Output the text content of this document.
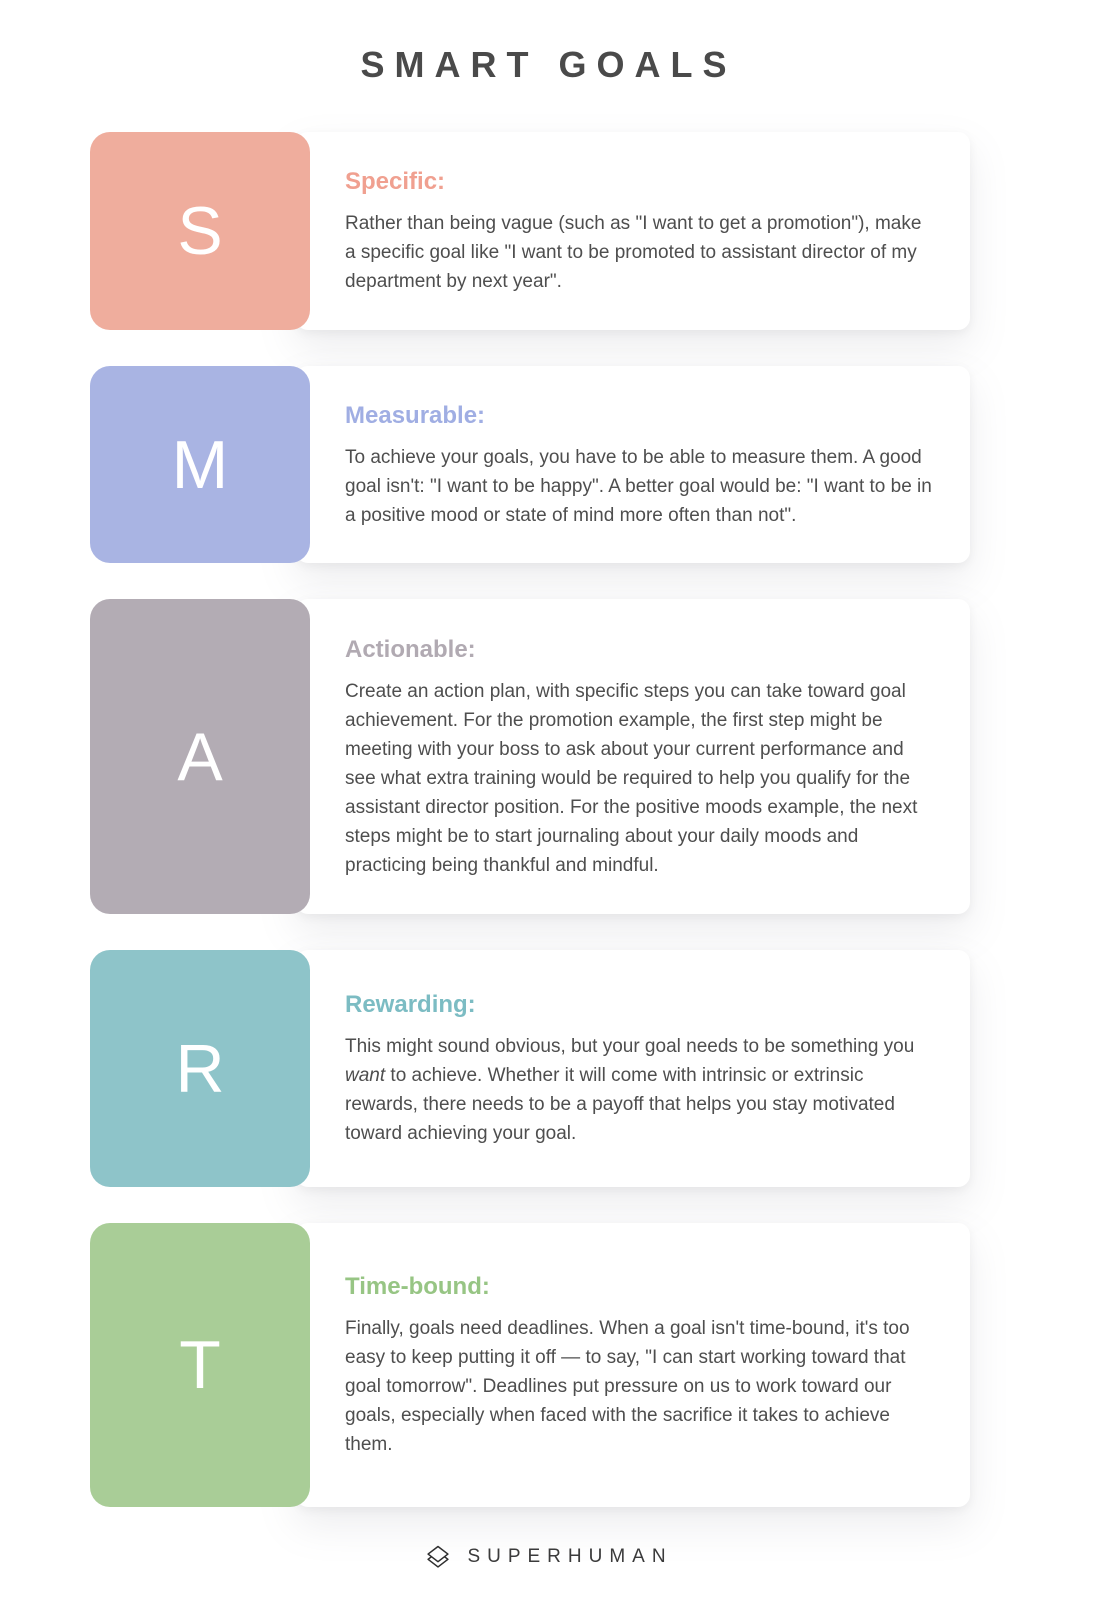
SMART GOALS
S
Specific:
Rather than being vague (such as "I want to get a promotion"), make a specific goal like "I want to be promoted to assistant director of my department by next year".
M
Measurable:
To achieve your goals, you have to be able to measure them. A good goal isn't: "I want to be happy". A better goal would be: "I want to be in a positive mood or state of mind more often than not".
A
Actionable:
Create an action plan, with specific steps you can take toward goal achievement. For the promotion example, the first step might be meeting with your boss to ask about your current performance and see what extra training would be required to help you qualify for the assistant director position. For the positive moods example, the next steps might be to start journaling about your daily moods and practicing being thankful and mindful.
R
Rewarding:
This might sound obvious, but your goal needs to be something you want to achieve. Whether it will come with intrinsic or extrinsic rewards, there needs to be a payoff that helps you stay motivated toward achieving your goal.
T
Time-bound:
Finally, goals need deadlines. When a goal isn't time-bound, it's too easy to keep putting it off — to say, "I can start working toward that goal tomorrow". Deadlines put pressure on us to work toward our goals, especially when faced with the sacrifice it takes to achieve them.
SUPERHUMAN
